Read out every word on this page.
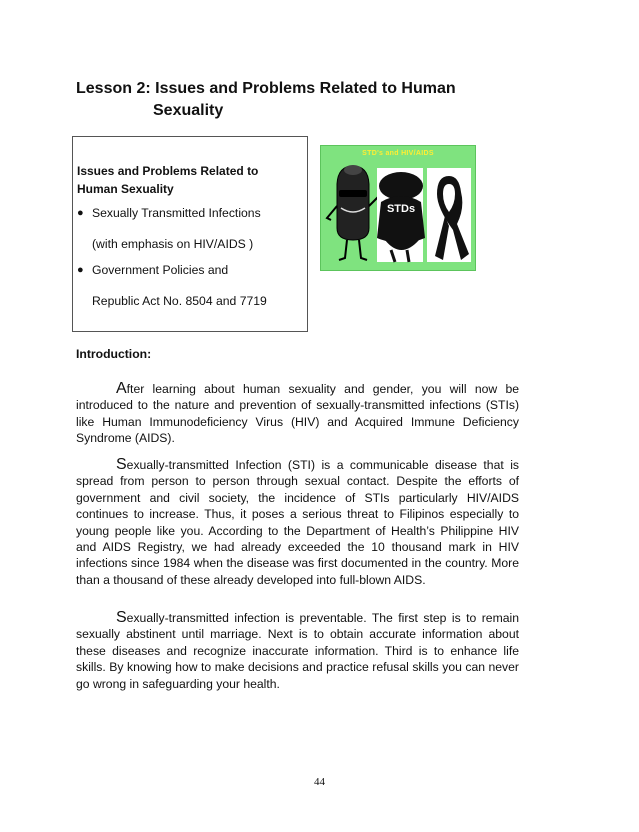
Lesson 2: Issues and Problems Related to Human
Sexuality
Issues and Problems Related to Human Sexuality
● Sexually Transmitted Infections
(with emphasis on HIV/AIDS )
● Government Policies and
Republic Act No. 8504 and 7719
STDs
STD's and HIV/AIDS
Introduction:

After learning about human sexuality and gender, you will now be introduced to the nature and prevention of sexually-transmitted infections (STIs) like Human Immunodeficiency Virus (HIV) and Acquired Immune Deficiency Syndrome (AIDS).

Sexually-transmitted Infection (STI) is a communicable disease that is spread from person to person through sexual contact. Despite the efforts of government and civil society, the incidence of STIs particularly HIV/AIDS continues to increase. Thus, it poses a serious threat to Filipinos especially to young people like you. According to the Department of Health’s Philippine HIV and AIDS Registry, we had already exceeded the 10 thousand mark in HIV infections since 1984 when the disease was first documented in the country. More than a thousand of these already developed into full-blown AIDS.

Sexually-transmitted infection is preventable. The first step is to remain sexually abstinent until marriage. Next is to obtain accurate information about these diseases and recognize inaccurate information. Third is to enhance life skills. By knowing how to make decisions and practice refusal skills you can never go wrong in safeguarding your health.

44
